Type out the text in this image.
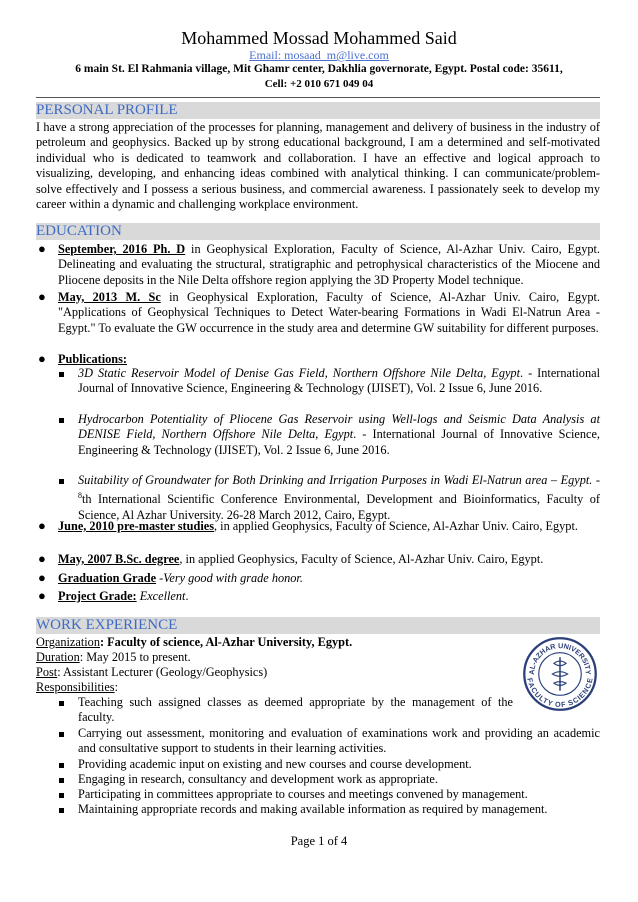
Mohammed Mossad Mohammed Said
Email: mosaad_m@live.com
6 main St. El Rahmania village, Mit Ghamr center, Dakhlia governorate, Egypt. Postal code: 35611,
Cell: +2 010 671 049 04
PERSONAL PROFILE
I have a strong appreciation of the processes for planning, management and delivery of business in the industry of petroleum and geophysics. Backed up by strong educational background, I am a determined and self-motivated individual who is dedicated to teamwork and collaboration. I have an effective and logical approach to visualizing, developing, and enhancing ideas combined with analytical thinking. I can communicate/problem-solve effectively and I possess a serious business, and commercial awareness. I passionately seek to develop my career within a dynamic and challenging workplace environment.
EDUCATION
● September, 2016 Ph. D in Geophysical Exploration, Faculty of Science, Al-Azhar Univ. Cairo, Egypt. Delineating and evaluating the structural, stratigraphic and petrophysical characteristics of the Miocene and Pliocene deposits in the Nile Delta offshore region applying the 3D Property Model technique.
● May, 2013 M. Sc in Geophysical Exploration, Faculty of Science, Al-Azhar Univ. Cairo, Egypt. "Applications of Geophysical Techniques to Detect Water-bearing Formations in Wadi El-Natrun Area - Egypt." To evaluate the GW occurrence in the study area and determine GW suitability for different purposes.
● Publications:
3D Static Reservoir Model of Denise Gas Field, Northern Offshore Nile Delta, Egypt. - International Journal of Innovative Science, Engineering & Technology (IJISET), Vol. 2 Issue 6, June 2016.
Hydrocarbon Potentiality of Pliocene Gas Reservoir using Well-logs and Seismic Data Analysis at DENISE Field, Northern Offshore Nile Delta, Egypt. - International Journal of Innovative Science, Engineering & Technology (IJISET), Vol. 2 Issue 6, June 2016.
Suitability of Groundwater for Both Drinking and Irrigation Purposes in Wadi El-Natrun area – Egypt. - $^8$th International Scientific Conference Environmental, Development and Bioinformatics, Faculty of Science, Al Azhar University. 26-28 March 2012, Cairo, Egypt.
● June, 2010 pre-master studies, in applied Geophysics, Faculty of Science, Al-Azhar Univ. Cairo, Egypt.
● May, 2007 B.Sc. degree, in applied Geophysics, Faculty of Science, Al-Azhar Univ. Cairo, Egypt.
● Graduation Grade -Very good with grade honor.
● Project Grade: Excellent.
WORK EXPERIENCE
Organization: Faculty of science, Al-Azhar University, Egypt.
Duration: May 2015 to present.
Post: Assistant Lecturer (Geology/Geophysics)
Responsibilities:
Teaching such assigned classes as deemed appropriate by the management of the faculty.
Carrying out assessment, monitoring and evaluation of examinations work and providing an academic and consultative support to students in their learning activities.
Providing academic input on existing and new courses and course development.
Engaging in research, consultancy and development work as appropriate.
Participating in committees appropriate to courses and meetings convened by management.
Maintaining appropriate records and making available information as required by management.
AL-AZHAR UNIVERSITY
FACULTY OF SCIENCE
Page 1 of 4
